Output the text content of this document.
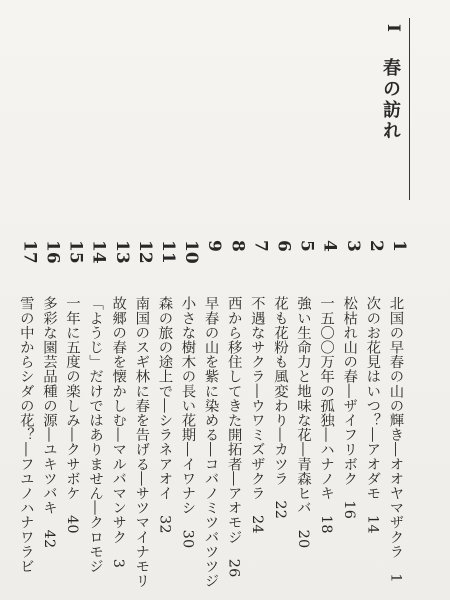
I
春の訪れ
1
2
3
4
5
6
7
8
9
10
11
12
13
14
15
16
17
北国の早春の山の輝き―オオヤマザクラ　1
次のお花見はいつ？―アオダモ　14
松枯れ山の春―ザイフリボク　16
一五〇〇万年の孤独―ハナノキ　18
強い生命力と地味な花―青森ヒバ　20
花も花粉も風変わり―カツラ　22
不遇なサクラ―ウワミズザクラ　24
西から移住してきた開拓者―アオモジ　26
早春の山を紫に染める―コバノミツバツツジ
小さな樹木の長い花期―イワナシ　30
森の旅の途上で―シラネアオイ　32
南国のスギ林に春を告げる―サツマイナモリ
故郷の春を懐かしむ―マルバマンサク　3
「ようじ」だけではありません―クロモジ
一年に五度の楽しみ―クサボケ　40
多彩な園芸品種の源―ユキツバキ　42
雪の中からシダの花？―フユノハナワラビ
